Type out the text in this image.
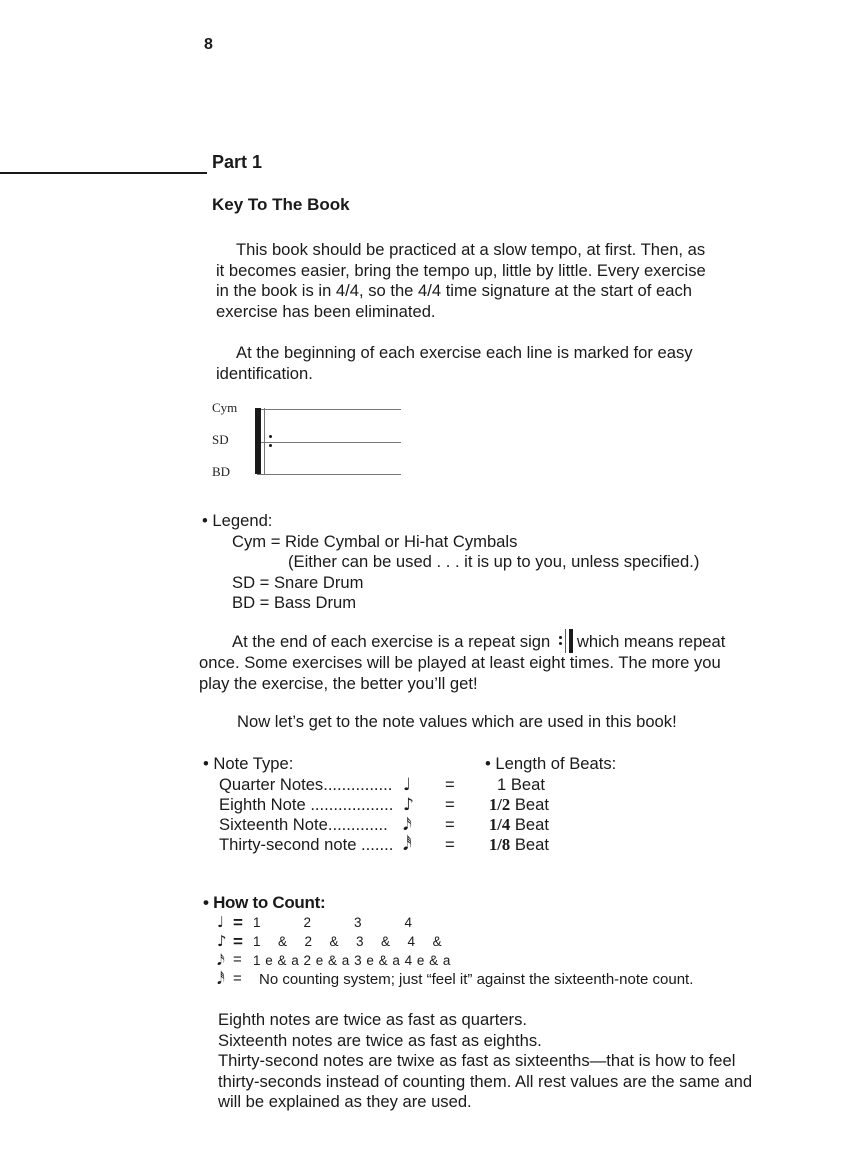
8
Part 1
Key To The Book
This book should be practiced at a slow tempo, at first. Then, as
it becomes easier, bring the tempo up, little by little. Every exercise
in the book is in 4/4, so the 4/4 time signature at the start of each
exercise has been eliminated.
At the beginning of each exercise each line is marked for easy
identification.
Cym
SD
BD
• Legend:
Cym = Ride Cymbal or Hi-hat Cymbals
(Either can be used . . . it is up to you, unless specified.)
SD = Snare Drum
BD = Bass Drum
At the end of each exercise is a repeat sign which means repeat
once. Some exercises will be played at least eight times. The more you
play the exercise, the better you’ll get!
Now let’s get to the note values which are used in this book!
• Note Type:	• Length of Beats:
Quarter Notes............... ♩ =	1 Beat
Eighth Note .................. ♪ = 1/2 Beat
Sixteenth Note............. 𝅘𝅥𝅯 = 1/4 Beat
Thirty-second note ....... 𝅘𝅥𝅰 = 1/8 Beat
• How to Count:
♩ = 1          2          3          4
♪ = 1    &    2    &    3    &    4    &
𝅘𝅥𝅯 = 1 e & a 2 e & a 3 e & a 4 e & a
𝅘𝅥𝅰 = No counting system; just “feel it” against the sixteenth-note count.
Eighth notes are twice as fast as quarters.
Sixteenth notes are twice as fast as eighths.
Thirty-second notes are twixe as fast as sixteenths—that is how to feel
thirty-seconds instead of counting them. All rest values are the same and
will be explained as they are used.
